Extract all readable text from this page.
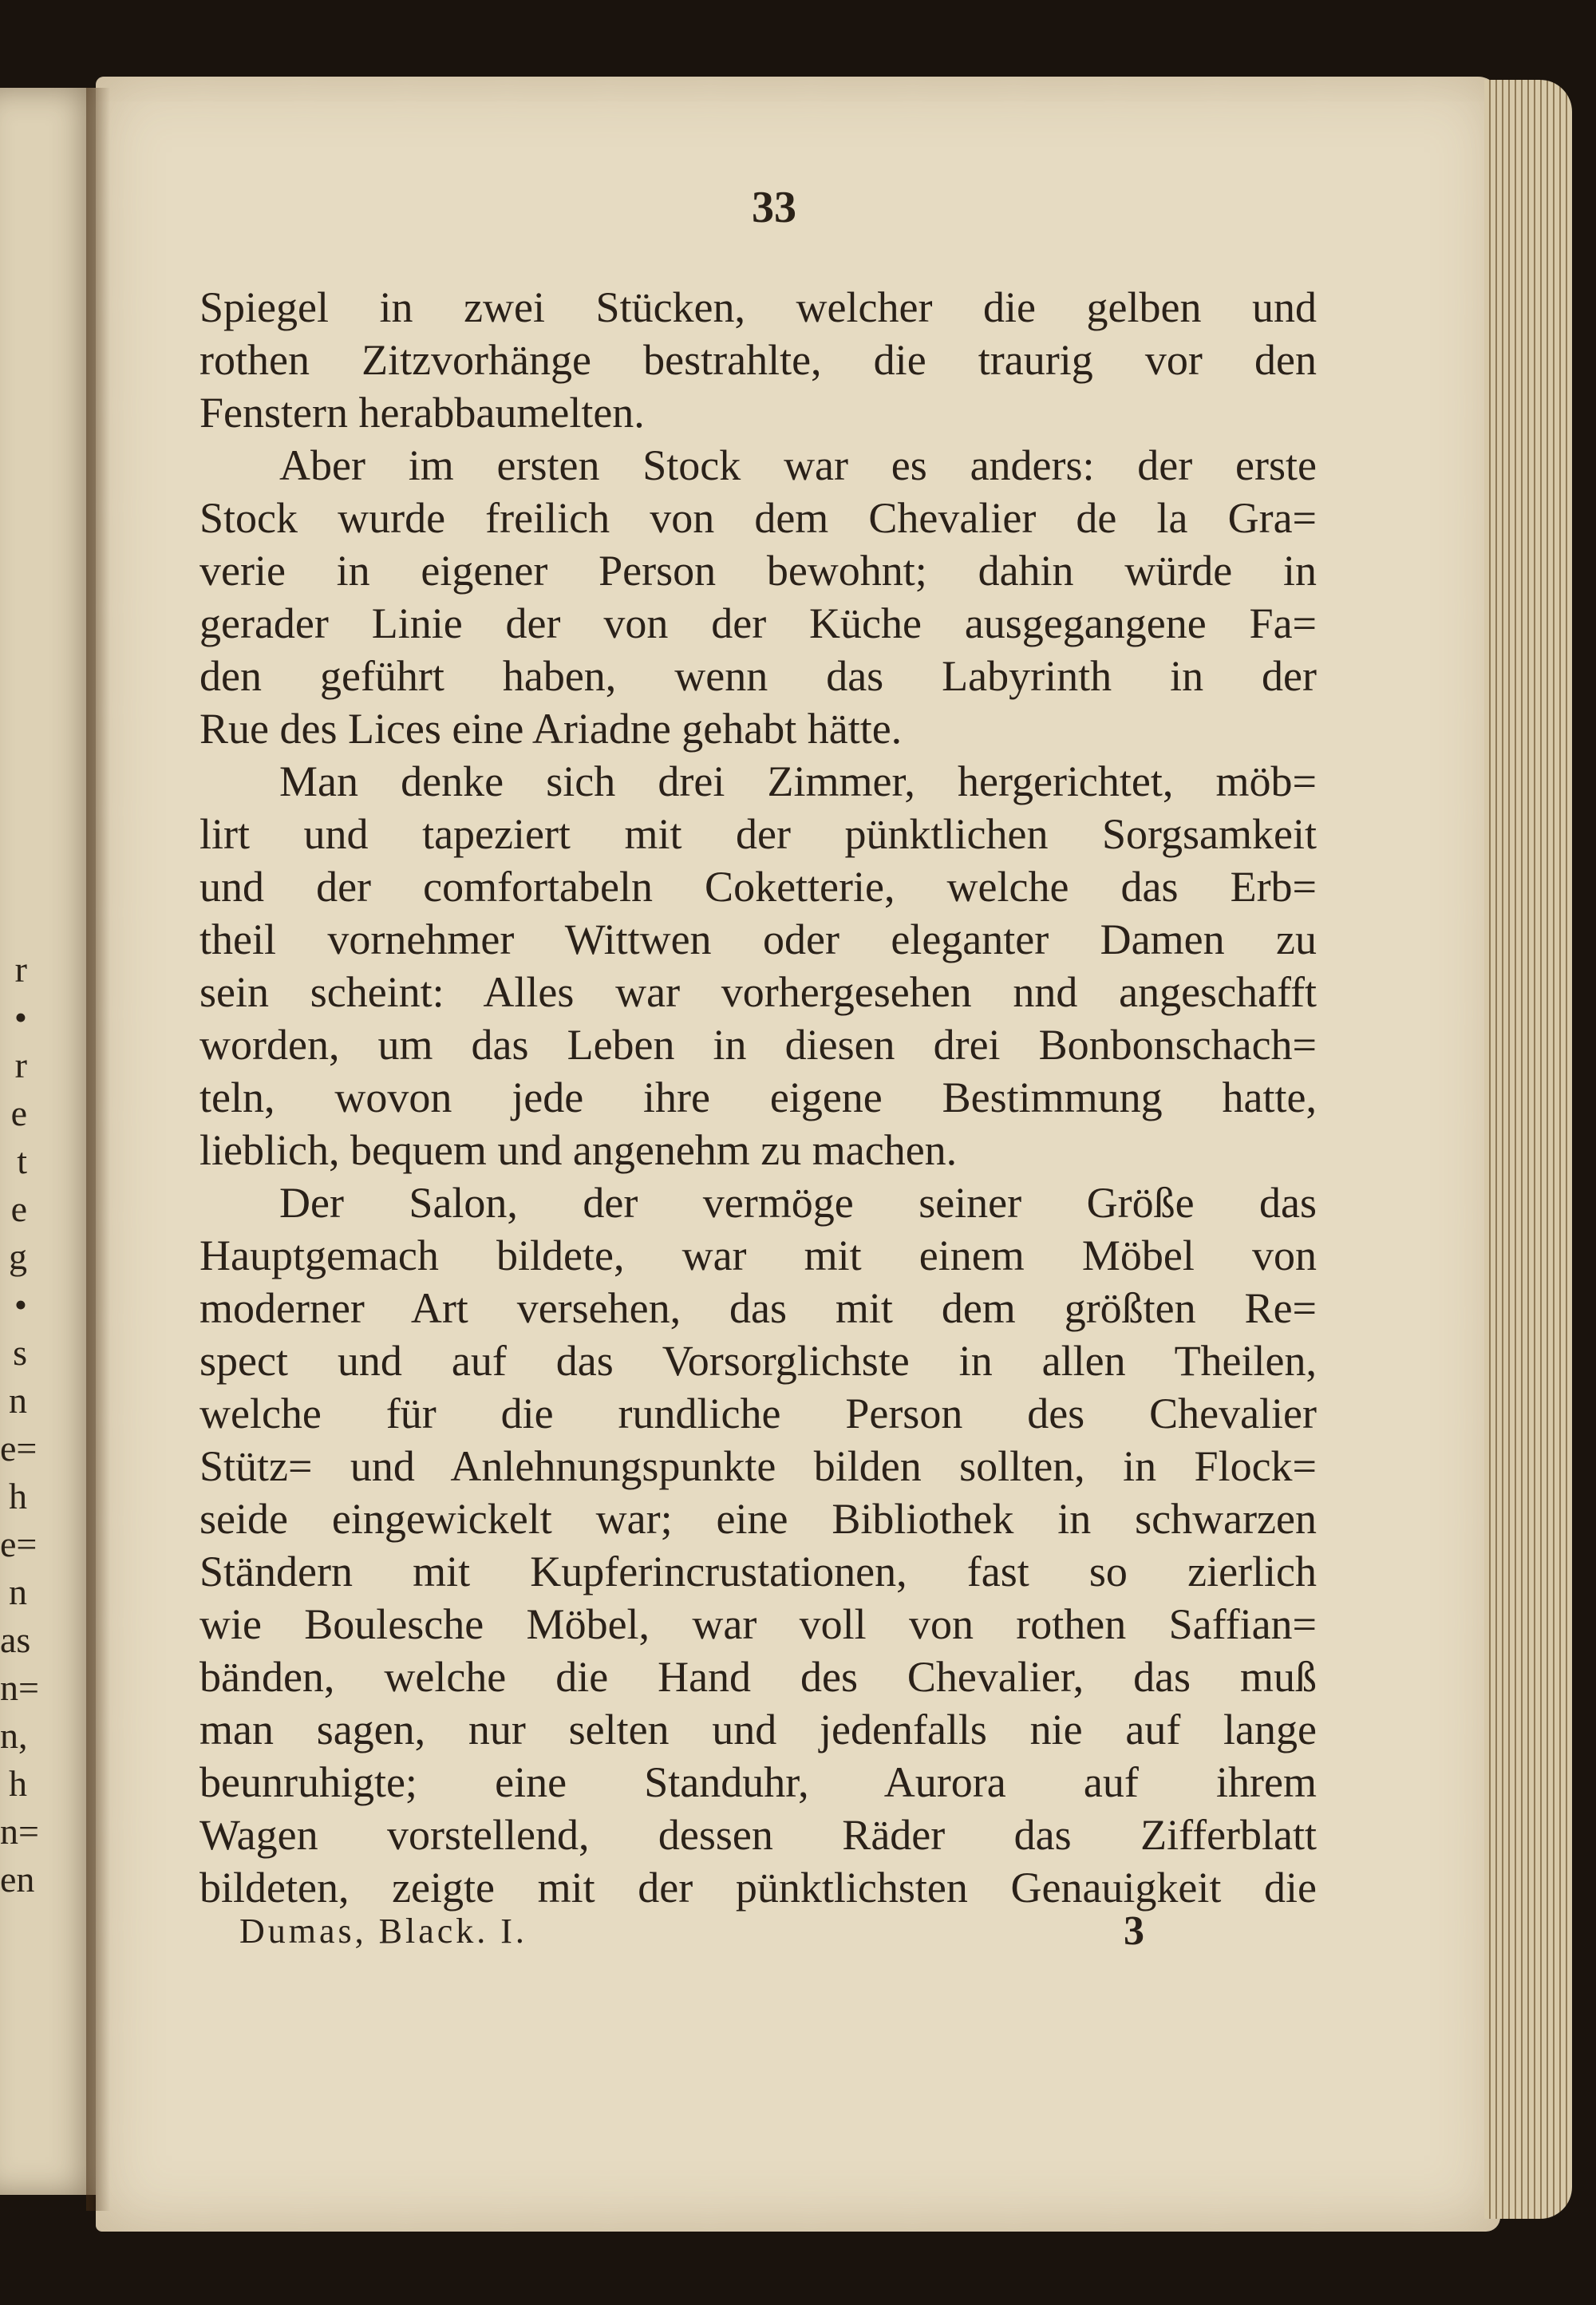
r
•
r
e
t
e
g
•
s
n
e=
h
e=
n
as
n=
n,
h
n=
en
33
Spiegel in zwei Stücken, welcher die gelben und
rothen Zitzvorhänge bestrahlte, die traurig vor den
Fenstern herabbaumelten.
Aber im ersten Stock war es anders: der erste
Stock wurde freilich von dem Chevalier de la Gra=
verie in eigener Person bewohnt; dahin würde in
gerader Linie der von der Küche ausgegangene Fa=
den geführt haben, wenn das Labyrinth in der
Rue des Lices eine Ariadne gehabt hätte.
Man denke sich drei Zimmer, hergerichtet, möb=
lirt und tapeziert mit der pünktlichen Sorgsamkeit
und der comfortabeln Coketterie, welche das Erb=
theil vornehmer Wittwen oder eleganter Damen zu
sein scheint: Alles war vorhergesehen nnd angeschafft
worden, um das Leben in diesen drei Bonbonschach=
teln, wovon jede ihre eigene Bestimmung hatte,
lieblich, bequem und angenehm zu machen.
Der Salon, der vermöge seiner Größe das
Hauptgemach bildete, war mit einem Möbel von
moderner Art versehen, das mit dem größten Re=
spect und auf das Vorsorglichste in allen Theilen,
welche für die rundliche Person des Chevalier
Stütz= und Anlehnungspunkte bilden sollten, in Flock=
seide eingewickelt war; eine Bibliothek in schwarzen
Ständern mit Kupferincrustationen, fast so zierlich
wie Boulesche Möbel, war voll von rothen Saffian=
bänden, welche die Hand des Chevalier, das muß
man sagen, nur selten und jedenfalls nie auf lange
beunruhigte; eine Standuhr, Aurora auf ihrem
Wagen vorstellend, dessen Räder das Zifferblatt
bildeten, zeigte mit der pünktlichsten Genauigkeit die
Dumas, Black. I.	3
